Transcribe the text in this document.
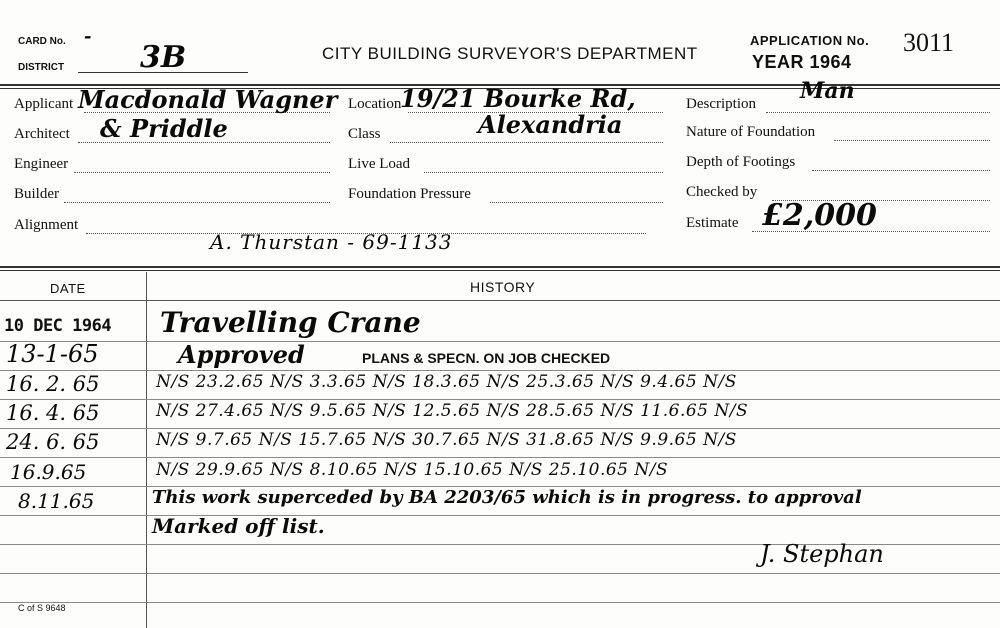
CARD No. -
DISTRICT	3B	CITY BUILDING SURVEYOR'S DEPARTMENT
APPLICATION No. 3011
YEAR 1964
Applicant Macdonald Wagner
Architect & Priddle
Engineer
Builder
Alignment
Location
19/21 Bourke Rd,
Class	Alexandria
Live Load
Foundation Pressure
Description Man
Nature of Foundation
Depth of Footings
Checked by
Estimate £2,000
A. Thurstan - 69-1133
DATE	HISTORY
10 DEC 1964 Travelling Crane
13-1-65	Approved	PLANS & SPECN. ON JOB CHECKED
16. 2. 65	N/S 23.2.65 N/S 3.3.65 N/S 18.3.65 N/S 25.3.65 N/S 9.4.65 N/S
16. 4. 65	N/S 27.4.65 N/S 9.5.65 N/S 12.5.65 N/S 28.5.65 N/S 11.6.65 N/S
24. 6. 65	N/S 9.7.65 N/S 15.7.65 N/S 30.7.65 N/S 31.8.65 N/S 9.9.65 N/S
16.9.65	N/S 29.9.65 N/S 8.10.65 N/S 15.10.65 N/S 25.10.65 N/S
8.11.65	This work superceded by BA 2203/65 which is in progress. to approval
Marked off list.
J. Stephan
C of S 9648
